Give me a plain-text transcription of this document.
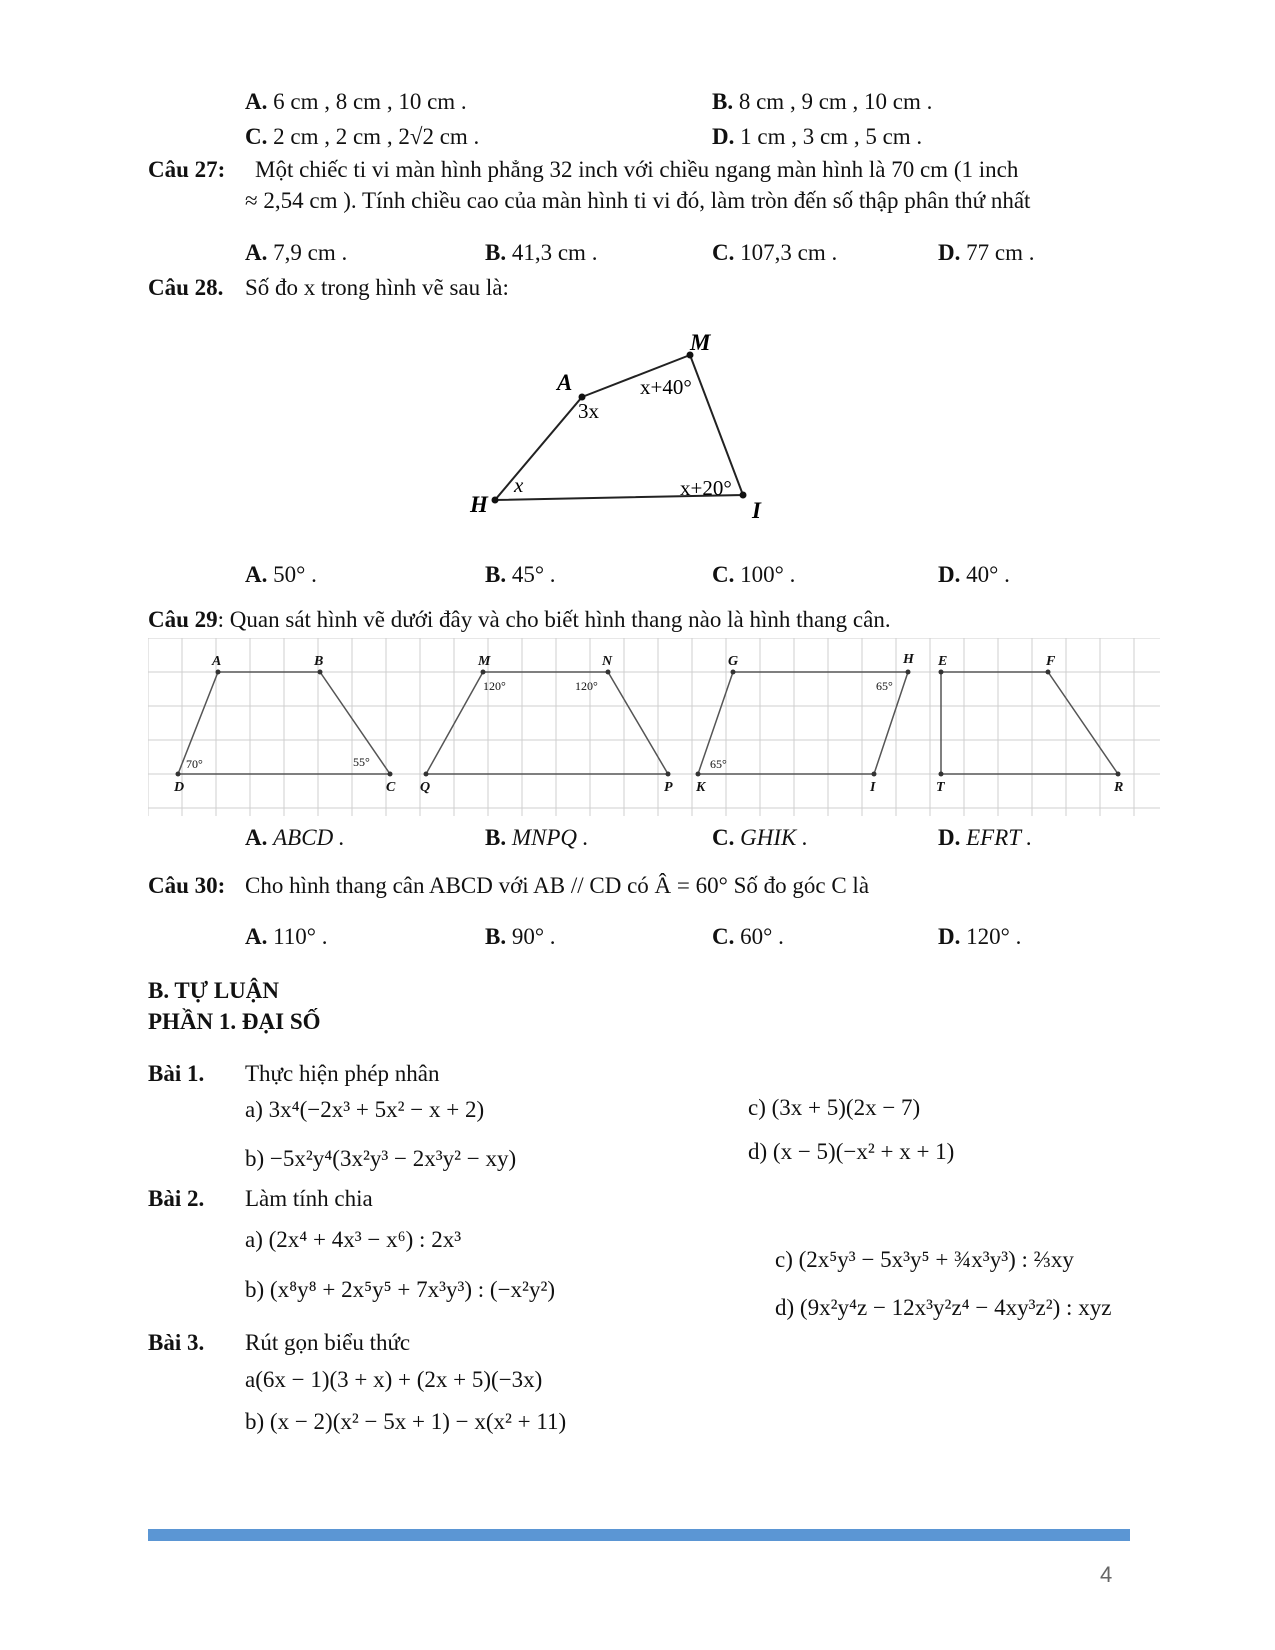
A. 6 cm , 8 cm , 10 cm .	B. 8 cm , 9 cm , 10 cm .
C. 2 cm , 2 cm , 2√2 cm .	D. 1 cm , 3 cm , 5 cm .
Câu 27: Một chiếc ti vi màn hình phẳng 32 inch với chiều ngang màn hình là 70 cm (1 inch
≈ 2,54 cm ). Tính chiều cao của màn hình ti vi đó, làm tròn đến số thập phân thứ nhất
A. 7,9 cm .	B. 41,3 cm .	C. 107,3 cm .	D. 77 cm .
Câu 28. Số đo x trong hình vẽ sau là:
M
A
H	I
3x
x+40°
x	x+20°
A. 50° .	B. 45° .	C. 100° .	D. 40° .
Câu 29: Quan sát hình vẽ dưới đây và cho biết hình thang nào là hình thang cân.
A	B
C
D
M	N
P
Q
G	H
I
K
E	F
R
T
70°	55°
120°	120°
65°
65°
A. ABCD .	B. MNPQ .	C. GHIK .	D. EFRT .
Câu 30: Cho hình thang cân ABCD với AB // CD có Â = 60° Số đo góc C là
A. 110° .	B. 90° .	C. 60° .	D. 120° .
B. TỰ LUẬN
PHẦN 1. ĐẠI SỐ
Bài 1. Thực hiện phép nhân
a) 3x⁴(−2x³ + 5x² − x + 2)	c) (3x + 5)(2x − 7)
b) −5x²y⁴(3x²y³ − 2x³y² − xy)	d) (x − 5)(−x² + x + 1)
Bài 2. Làm tính chia
a) (2x⁴ + 4x³ − x⁶) : 2x³
c) (2x⁵y³ − 5x³y⁵ + ¾x³y³) : ⅔xy
b) (x⁸y⁸ + 2x⁵y⁵ + 7x³y³) : (−x²y²)
d) (9x²y⁴z − 12x³y²z⁴ − 4xy³z²) : xyz
Bài 3. Rút gọn biểu thức
a(6x − 1)(3 + x) + (2x + 5)(−3x)
b) (x − 2)(x² − 5x + 1) − x(x² + 11)
4
